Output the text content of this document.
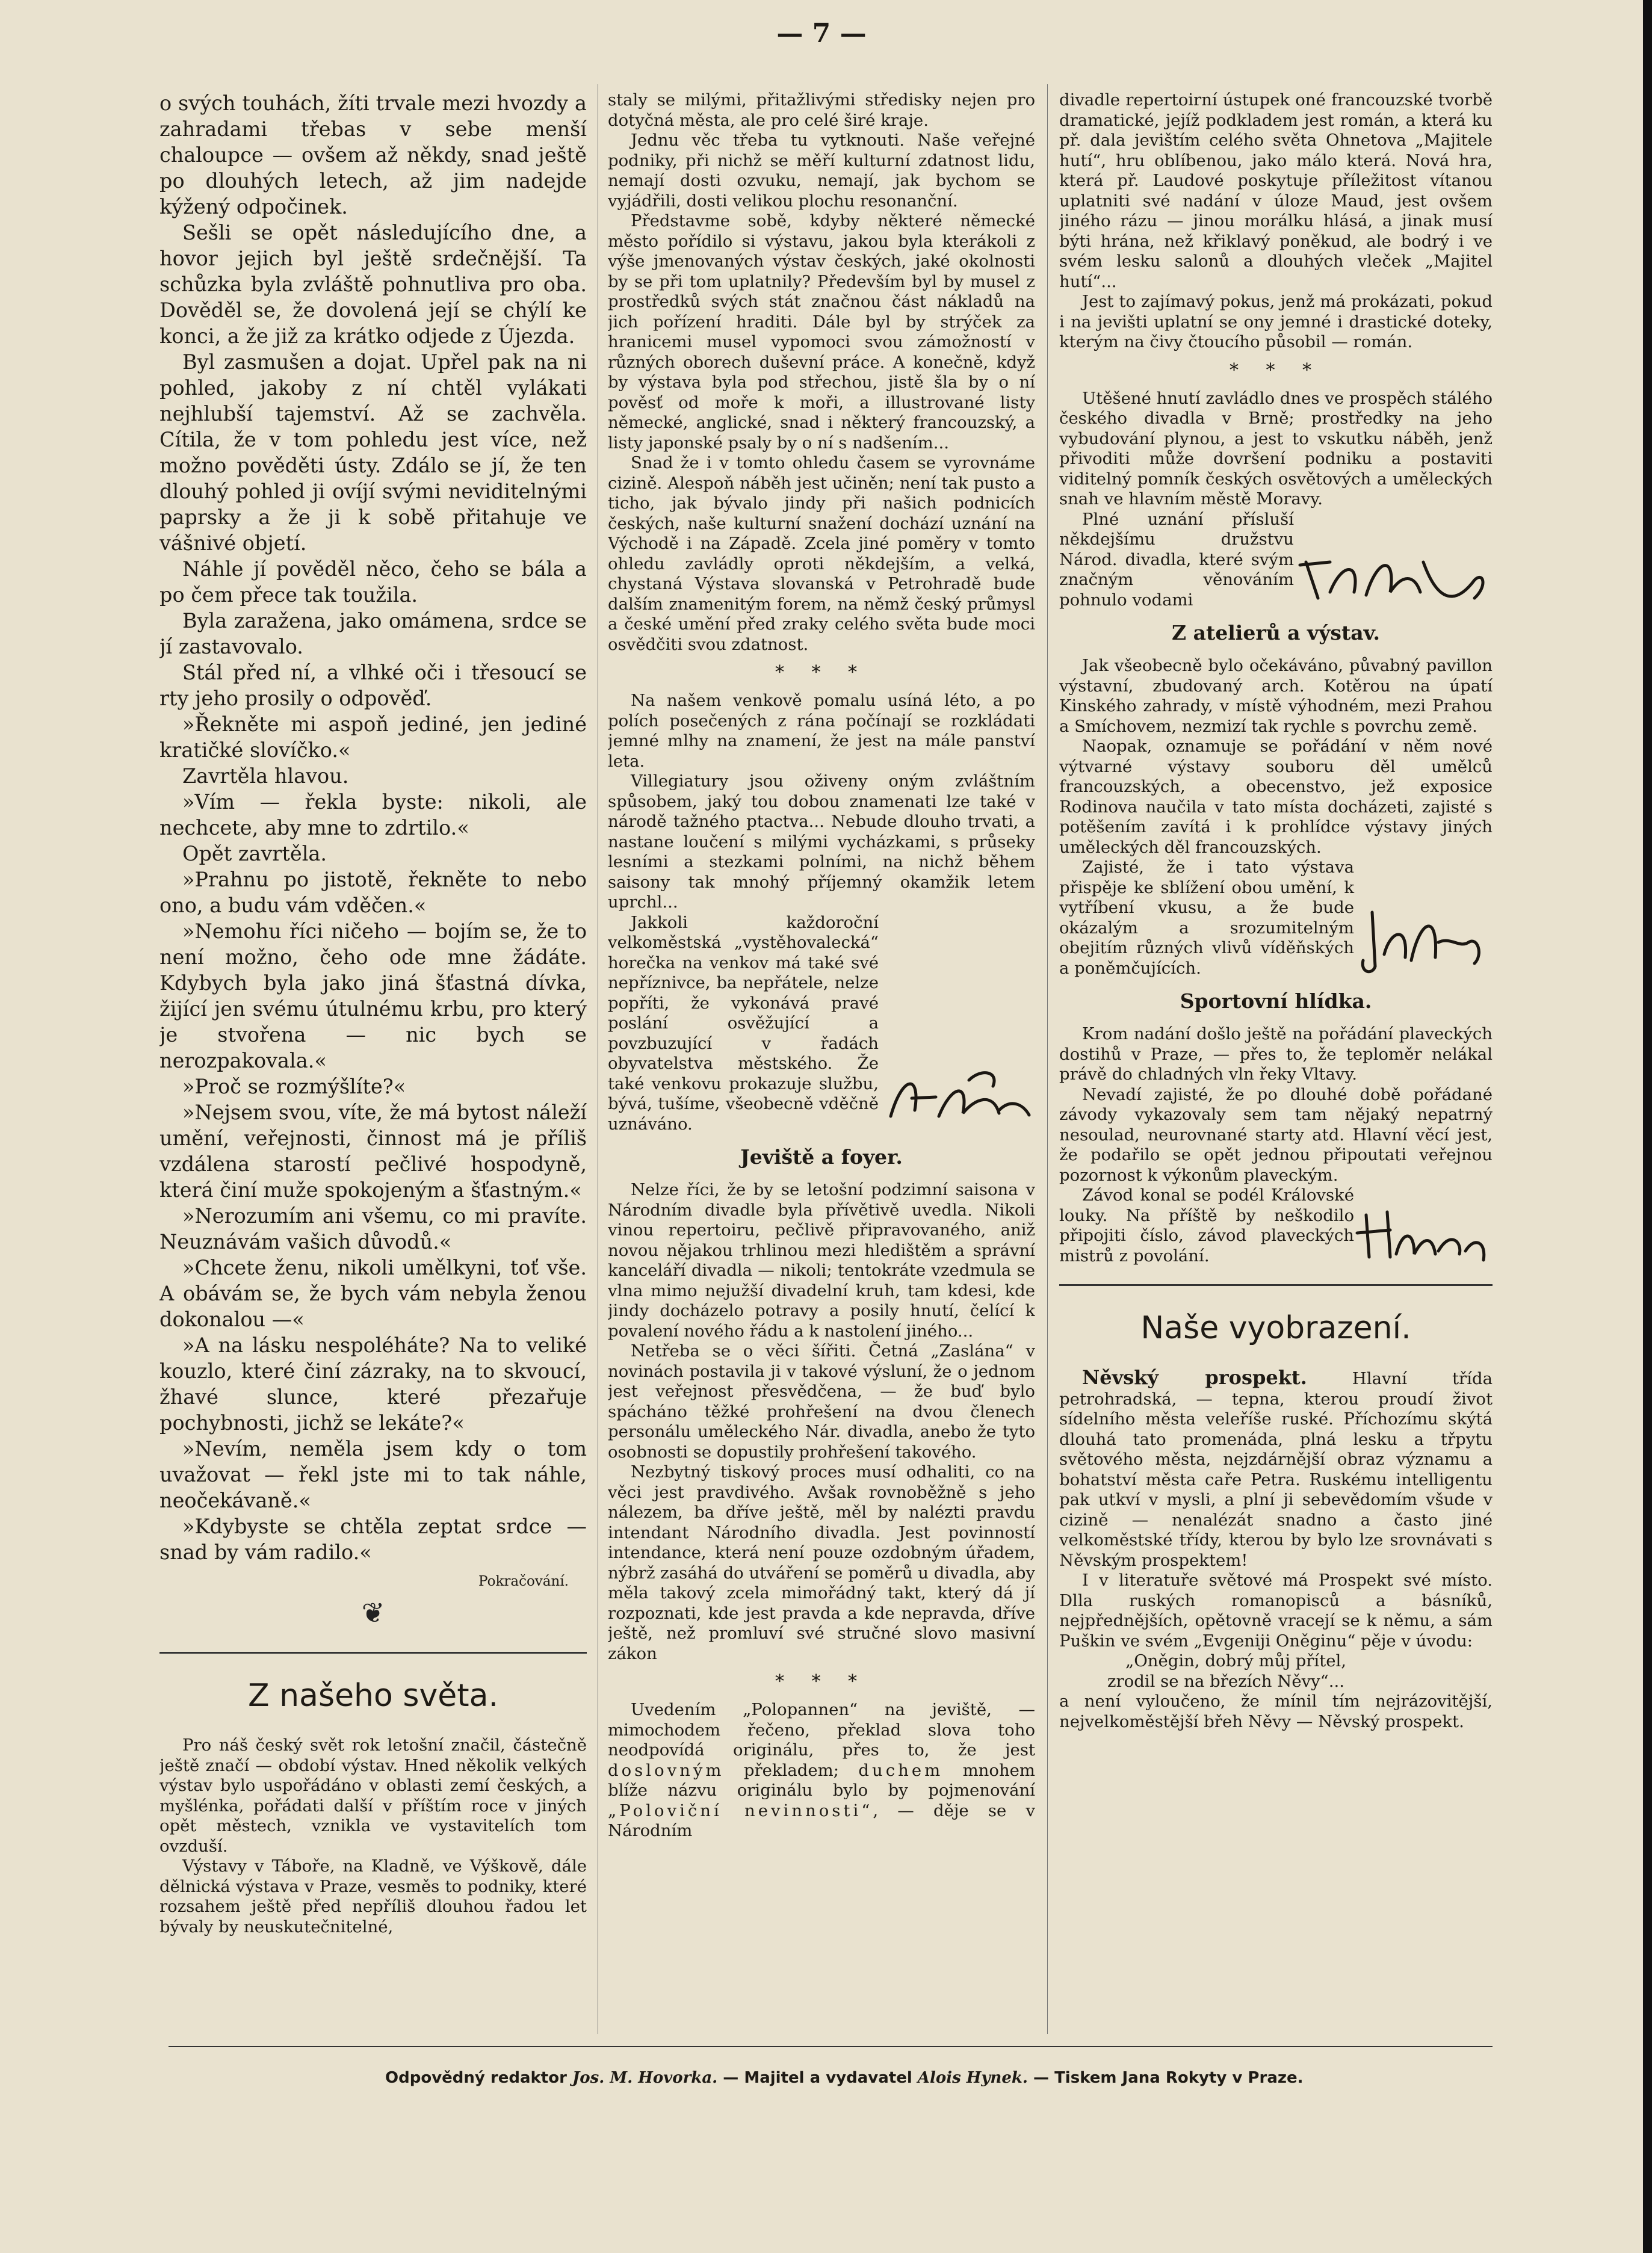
— 7 —

o svých touhách, žíti trvale mezi hvozdy a zahradami třebas v sebe menší chaloupce — ovšem až někdy, snad ještě po dlouhých letech, až jim nadejde kýžený odpočinek.

Sešli se opět následujícího dne, a hovor jejich byl ještě srdečnější. Ta schůzka byla zvláště pohnutliva pro oba. Dověděl se, že dovolená její se chýlí ke konci, a že již za krátko odjede z Újezda.

Byl zasmušen a dojat. Upřel pak na ni pohled, jakoby z ní chtěl vylákati nejhlubší tajemství. Až se zachvěla. Cítila, že v tom pohledu jest více, než možno pověděti ústy. Zdálo se jí, že ten dlouhý pohled ji ovíjí svými neviditelnými paprsky a že ji k sobě přitahuje ve vášnivé objetí.

Náhle jí pověděl něco, čeho se bála a po čem přece tak toužila.

Byla zaražena, jako omámena, srdce se jí zastavovalo.

Stál před ní, a vlhké oči i třesoucí se rty jeho prosily o odpověď.

»Řekněte mi aspoň jediné, jen jediné kratičké slovíčko.«

Zavrtěla hlavou.

»Vím — řekla byste: nikoli, ale nechcete, aby mne to zdrtilo.«

Opět zavrtěla.

»Prahnu po jistotě, řekněte to nebo ono, a budu vám vděčen.«

»Nemohu říci ničeho — bojím se, že to není možno, čeho ode mne žádáte. Kdybych byla jako jiná šťastná dívka, žijící jen svému útulnému krbu, pro který je stvořena — nic bych se nerozpakovala.«

»Proč se rozmýšlíte?«

»Nejsem svou, víte, že má bytost náleží umění, veřejnosti, činnost má je příliš vzdálena starostí pečlivé hospodyně, která činí muže spokojeným a šťastným.«

»Nerozumím ani všemu, co mi pravíte. Neuznávám vašich důvodů.«

»Chcete ženu, nikoli umělkyni, toť vše. A obávám se, že bych vám nebyla ženou dokonalou —«

»A na lásku nespoléháte? Na to veliké kouzlo, které činí zázraky, na to skvoucí, žhavé slunce, které přezařuje pochybnosti, jichž se lekáte?«

»Nevím, neměla jsem kdy o tom uvažovat — řekl jste mi to tak náhle, neočekávaně.«

»Kdybyste se chtěla zeptat srdce — snad by vám radilo.«

Pokračování.
❦
Z našeho světa.

Pro náš český svět rok letošní značil, částečně ještě značí — období výstav. Hned několik velkých výstav bylo uspořádáno v oblasti zemí českých, a myšlénka, pořádati další v příštím roce v jiných opět městech, vznikla ve vystavitelích tom ovzduší.

Výstavy v Táboře, na Kladně, ve Výškově, dále dělnická výstava v Praze, vesměs to podniky, které rozsahem ještě před nepříliš dlouhou řadou let bývaly by neuskutečnitelné,

staly se milými, přitažlivými středisky nejen pro dotyčná města, ale pro celé širé kraje.

Jednu věc třeba tu vytknouti. Naše veřejné podniky, při nichž se měří kulturní zdatnost lidu, nemají dosti ozvuku, nemají, jak bychom se vyjádřili, dosti velikou plochu resonanční.

Představme sobě, kdyby některé německé město pořídilo si výstavu, jakou byla kterákoli z výše jmenovaných výstav českých, jaké okolnosti by se při tom uplatnily? Především byl by musel z prostředků svých stát značnou část nákladů na jich pořízení hraditi. Dále byl by strýček za hranicemi musel vypomoci svou zámožností v různých oborech duševní práce. A konečně, když by výstava byla pod střechou, jistě šla by o ní pověsť od moře k moři, a illustrované listy německé, anglické, snad i některý francouzský, a listy japonské psaly by o ní s nadšením...

Snad že i v tomto ohledu časem se vyrovnáme cizině. Alespoň náběh jest učiněn; není tak pusto a ticho, jak bývalo jindy při našich podnicích českých, naše kulturní snažení dochází uznání na Východě i na Západě. Zcela jiné poměry v tomto ohledu zavládly oproti někdejším, a velká, chystaná Výstava slovanská v Petrohradě bude dalším znamenitým forem, na němž český průmysl a české umění před zraky celého světa bude moci osvědčiti svou zdatnost.

* * *

Na našem venkově pomalu usíná léto, a po polích posečených z rána počínají se rozkládati jemné mlhy na znamení, že jest na mále panství leta.

Villegiatury jsou oživeny oným zvláštním spůsobem, jaký tou dobou znamenati lze také v národě tažného ptactva... Nebude dlouho trvati, a nastane loučení s milými vycházkami, s průseky lesními a stezkami polními, na nichž během saisony tak mnohý příjemný okamžik letem uprchl...

Jakkoli každoroční velkoměstská „vystěhovalecká“ horečka na venkov má také své nepříznivce, ba nepřátele, nelze popříti, že vykonává pravé poslání osvěžující a povzbuzující v řadách obyvatelstva městského. Že také venkovu prokazuje službu, bývá, tušíme, všeobecně vděčně uznáváno.

Jeviště a foyer.

Nelze říci, že by se letošní podzimní saisona v Národním divadle byla přívětivě uvedla. Nikoli vinou repertoiru, pečlivě připravovaného, aniž novou nějakou trhlinou mezi hledištěm a správní kanceláří divadla — nikoli; tentokráte vzedmula se vlna mimo nejužší divadelní kruh, tam kdesi, kde jindy docházelo potravy a posily hnutí, čelící k povalení nového řádu a k nastolení jiného...

Netřeba se o věci šířiti. Četná „Zaslána“ v novinách postavila ji v takové výsluní, že o jednom jest veřejnost přesvědčena, — že buď bylo spácháno těžké prohřešení na dvou členech personálu uměleckého Nár. divadla, anebo že tyto osobnosti se dopustily prohřešení takového.

Nezbytný tiskový proces musí odhaliti, co na věci jest pravdivého. Avšak rovnoběžně s jeho nálezem, ba dříve ještě, měl by nalézti pravdu intendant Národního divadla. Jest povinností intendance, která není pouze ozdobným úřadem, nýbrž zasáhá do utváření se poměrů u divadla, aby měla takový zcela mimořádný takt, který dá jí rozpoznati, kde jest pravda a kde nepravda, dříve ještě, než promluví své stručné slovo masivní zákon

* * *

Uvedením „Polopannen“ na jeviště, — mimochodem řečeno, překlad slova toho neodpovídá originálu, přes to, že jest doslovným překladem; duchem mnohem blíže názvu originálu bylo by pojmenování „Poloviční nevinnosti“, — děje se v Národním

divadle repertoirní ústupek oné francouzské tvorbě dramatické, jejíž podkladem jest román, a která ku př. dala jevištím celého světa Ohnetova „Majitele hutí“, hru oblíbenou, jako málo která. Nová hra, která př. Laudové poskytuje příležitost vítanou uplatniti své nadání v úloze Maud, jest ovšem jiného rázu — jinou morálku hlásá, a jinak musí býti hrána, než křiklavý poněkud, ale bodrý i ve svém lesku salonů a dlouhých vleček „Majitel hutí“...

Jest to zajímavý pokus, jenž má prokázati, pokud i na jevišti uplatní se ony jemné i drastické doteky, kterým na čivy čtoucího působil — román.

* * *

Utěšené hnutí zavládlo dnes ve prospěch stálého českého divadla v Brně; prostředky na jeho vybudování plynou, a jest to vskutku náběh, jenž přivoditi může dovršení podniku a postaviti viditelný pomník českých osvětových a uměleckých snah ve hlavním městě Moravy.

Plné uznání přísluší někdejšímu družstvu Národ. divadla, které svým značným věnováním pohnulo vodami

Z atelierů a výstav.

Jak všeobecně bylo očekáváno, půvabný pavillon výstavní, zbudovaný arch. Kotěrou na úpatí Kinského zahrady, v místě výhodném, mezi Prahou a Smíchovem, nezmizí tak rychle s povrchu země.

Naopak, oznamuje se pořádání v něm nové výtvarné výstavy souboru děl umělců francouzských, a obecenstvo, jež exposice Rodinova naučila v tato místa docházeti, zajisté s potěšením zavítá i k prohlídce výstavy jiných uměleckých děl francouzských.

Zajisté, že i tato výstava přispěje ke sblížení obou umění, k vytříbení vkusu, a že bude okázalým a srozumitelným obejitím různých vlivů víděňských a poněmčujících.

Sportovní hlídka.

Krom nadání došlo ještě na pořádání plaveckých dostihů v Praze, — přes to, že teploměr nelákal právě do chladných vln řeky Vltavy.

Nevadí zajisté, že po dlouhé době pořádané závody vykazovaly sem tam nějaký nepatrný nesoulad, neurovnané starty atd. Hlavní věcí jest, že podařilo se opět jednou připoutati veřejnou pozornost k výkonům plaveckým.

Závod konal se podél Královské louky. Na příště by neškodilo připojiti číslo, závod plaveckých mistrů z povolání.

Naše vyobrazení.

Něvský prospekt.	Hlavní třída petrohradská, — tepna, kterou proudí život sídelního města veleříše ruské. Příchozímu skýtá dlouhá tato promenáda, plná lesku a třpytu světového města, nejzdárnější obraz významu a bohatství města caře Petra. Ruskému intelligentu pak utkví v mysli, a plní ji sebevědomím všude v cizině — nenalézát snadno a často jiné velkoměstské třídy, kterou by bylo lze srovnávati s Něvským prospektem!

I v literatuře světové má Prospekt své místo. Dlla ruských romanopisců a básníků, nejpřednějších, opětovně vracejí se k němu, a sám Puškin ve svém „Evgeniji Oněginu“ pěje v úvodu:

„Oněgin, dobrý můj přítel,

zrodil se na březích Něvy“...

a není vyloučeno, že mínil tím nejrázovitější, nejvelkoměstější břeh Něvy — Něvský prospekt.

Odpovědný redaktor Jos. M. Hovorka. — Majitel a vydavatel Alois Hynek. — Tiskem Jana Rokyty v Praze.
